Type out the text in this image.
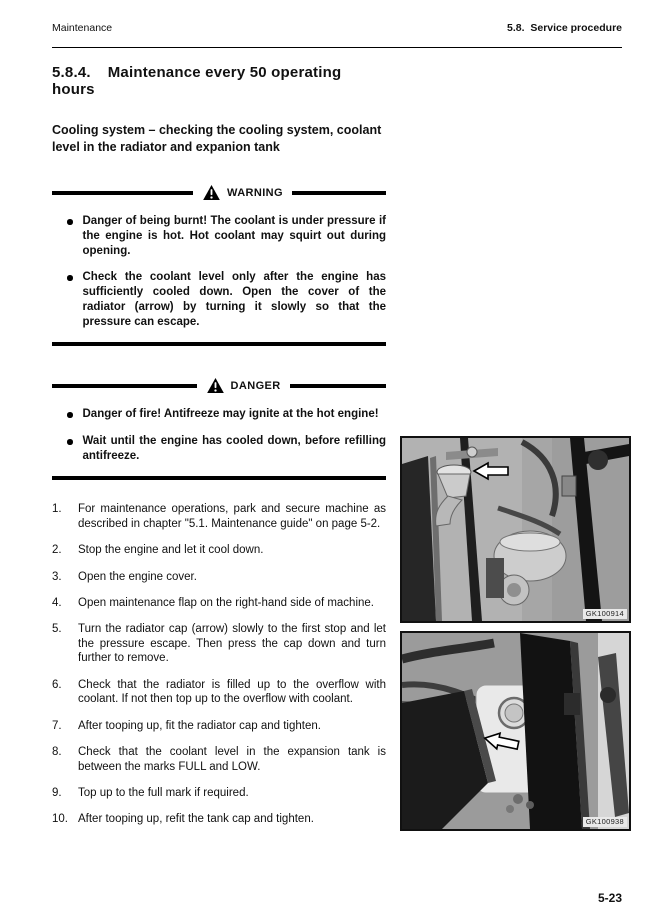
Maintenance	5.8.  Service procedure
5.8.4. Maintenance every 50 operating hours
Cooling system – checking the cooling system, coolant level in the radiator and expanion tank
WARNING

Danger of being burnt! The coolant is under pressure if the engine is hot. Hot coolant may squirt out during opening.

Check the coolant level only after the engine has sufficiently cooled down. Open the cover of the radiator (arrow) by turning it slowly so that the pressure can escape.

DANGER

Danger of fire! Antifreeze may ignite at the hot engine!

Wait until the engine has cooled down, before refilling antifreeze.

1.	For maintenance operations, park and secure machine as described in chapter "5.1. Maintenance guide" on page 5-2.

2.	Stop the engine and let it cool down.

3.	Open the engine cover.

4.	Open maintenance flap on the right-hand side of machine.

5.	Turn the radiator cap (arrow) slowly to the first stop and let the pressure escape. Then press the cap down and turn further to remove.

6.	Check that the radiator is filled up to the overflow with coolant. If not then top up to the overflow with coolant.

7.	After tooping up, fit the radiator cap and tighten.

8.	Check that the coolant level in the expansion tank is between the marks FULL and LOW.

9.	Top up to the full mark if required.

10. After tooping up, refit the tank cap and tighten.

GK100914
GK100938
5-23
